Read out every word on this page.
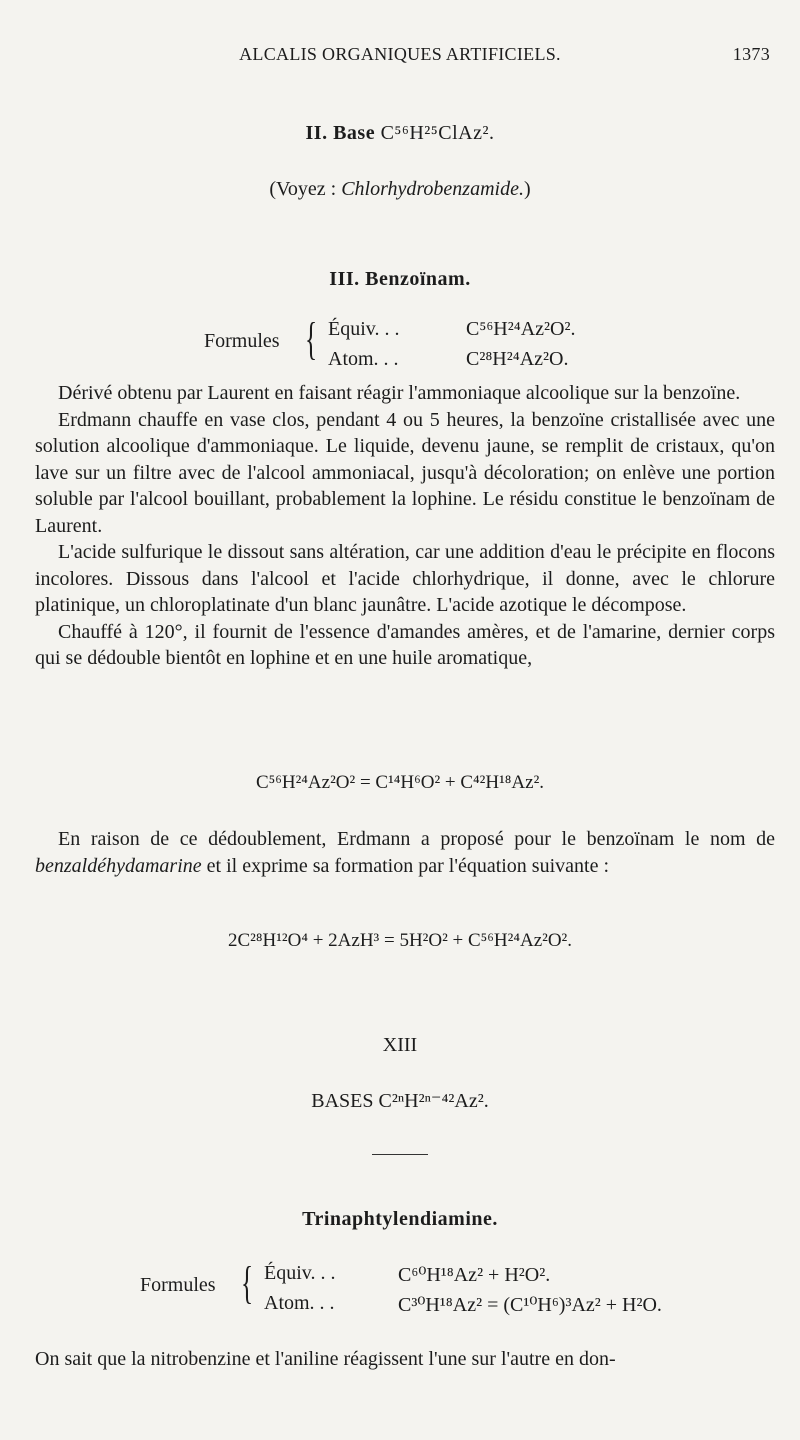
ALCALIS ORGANIQUES ARTIFICIELS.	1373
II. Base C⁵⁶H²⁵ClAz².
(Voyez : Chlorhydrobenzamide.)
III. Benzoïnam.
Formules { Équiv. . .	C⁵⁶H²⁴Az²O².
Atom. . .	C²⁸H²⁴Az²O.

Dérivé obtenu par Laurent en faisant réagir l'ammoniaque alcoolique sur la benzoïne.

Erdmann chauffe en vase clos, pendant 4 ou 5 heures, la benzoïne cristallisée avec une solution alcoolique d'ammoniaque. Le liquide, devenu jaune, se remplit de cristaux, qu'on lave sur un filtre avec de l'alcool ammoniacal, jusqu'à décoloration; on enlève une portion soluble par l'alcool bouillant, probablement la lophine. Le résidu constitue le benzoïnam de Laurent.

L'acide sulfurique le dissout sans altération, car une addition d'eau le précipite en flocons incolores. Dissous dans l'alcool et l'acide chlorhydrique, il donne, avec le chlorure platinique, un chloroplatinate d'un blanc jaunâtre. L'acide azotique le décompose.

Chauffé à 120°, il fournit de l'essence d'amandes amères, et de l'amarine, dernier corps qui se dédouble bientôt en lophine et en une huile aromatique,

C⁵⁶H²⁴Az²O² = C¹⁴H⁶O² + C⁴²H¹⁸Az².

En raison de ce dédoublement, Erdmann a proposé pour le benzoïnam le nom de benzaldéhydamarine et il exprime sa formation par l'équation suivante :

2C²⁸H¹²O⁴ + 2AzH³ = 5H²O² + C⁵⁶H²⁴Az²O².
XIII
BASES C²ⁿH²ⁿ⁻⁴²Az².
Trinaphtylendiamine.
Formules { Équiv. . .	C⁶⁰H¹⁸Az² + H²O².
Atom. . .	C³⁰H¹⁸Az² = (C¹⁰H⁶)³Az² + H²O.

On sait que la nitrobenzine et l'aniline réagissent l'une sur l'autre en don-
